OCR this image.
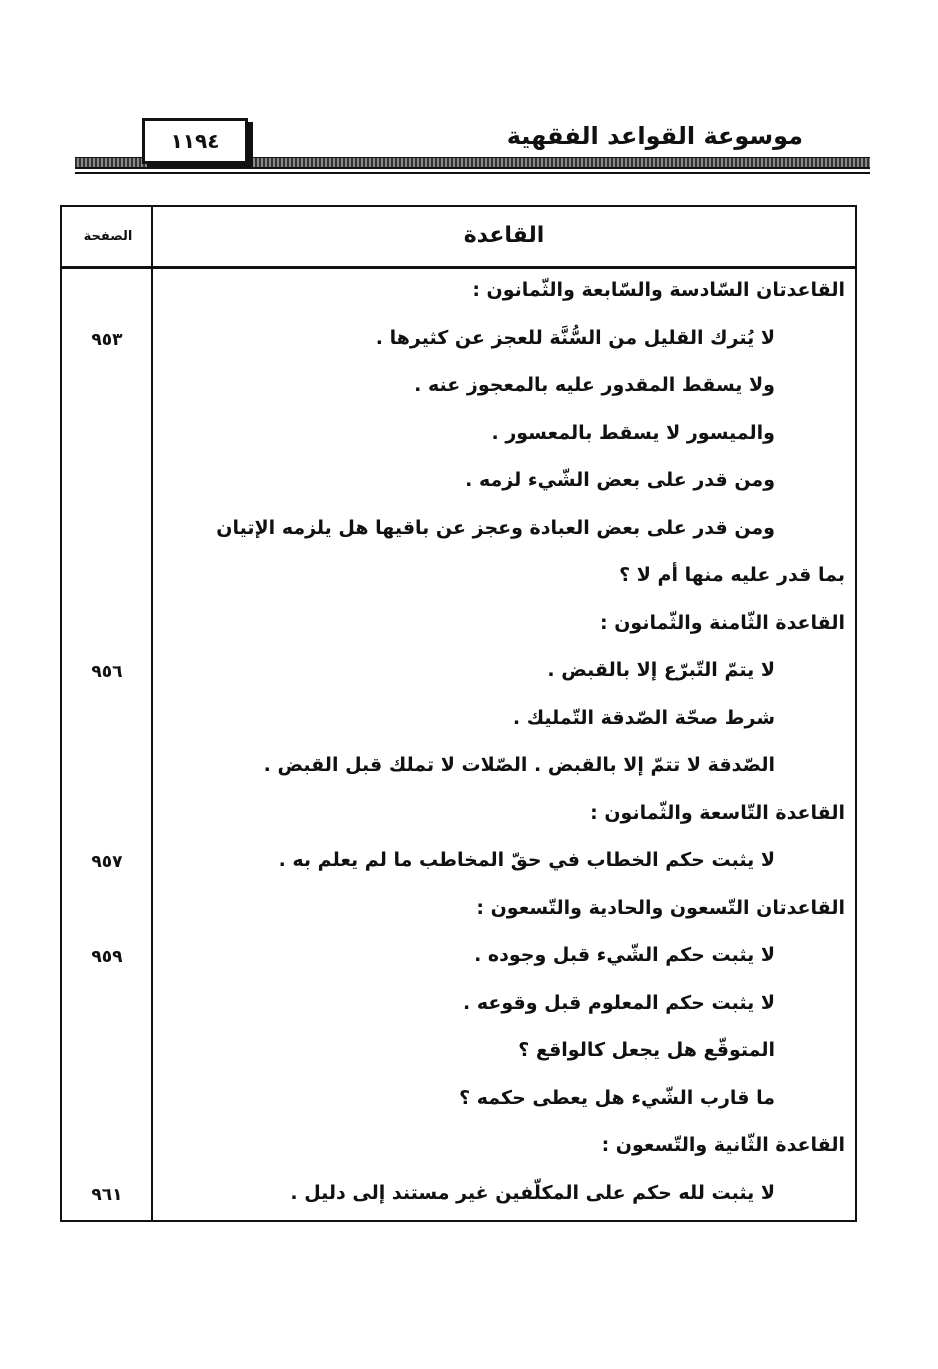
موسوعة القواعد الفقهية
١١٩٤
الصفحة	القاعدة
القاعدتان السّادسة والسّابعة والثّمانون :
لا يُترك القليل من السُّنَّة للعجز عن كثيرها .
٩٥٣
ولا يسقط المقدور عليه بالمعجوز عنه .
والميسور لا يسقط بالمعسور .
ومن قدر على بعض الشّيء لزمه .
ومن قدر على بعض العبادة وعجز عن باقيها هل يلزمه الإتيان
بما قدر عليه منها أم لا ؟
القاعدة الثّامنة والثّمانون :
لا يتمّ التّبرّع إلا بالقبض .
٩٥٦
شرط صحّة الصّدقة التّمليك .
الصّدقة لا تتمّ إلا بالقبض . الصّلات لا تملك قبل القبض .
القاعدة التّاسعة والثّمانون :
لا يثبت حكم الخطاب في حقّ المخاطب ما لم يعلم به .
٩٥٧
القاعدتان التّسعون والحادية والتّسعون :
لا يثبت حكم الشّيء قبل وجوده .
٩٥٩
لا يثبت حكم المعلوم قبل وقوعه .
المتوقّع هل يجعل كالواقع ؟
ما قارب الشّيء هل يعطى حكمه ؟
القاعدة الثّانية والتّسعون :
لا يثبت لله حكم على المكلّفين غير مستند إلى دليل .
٩٦١
